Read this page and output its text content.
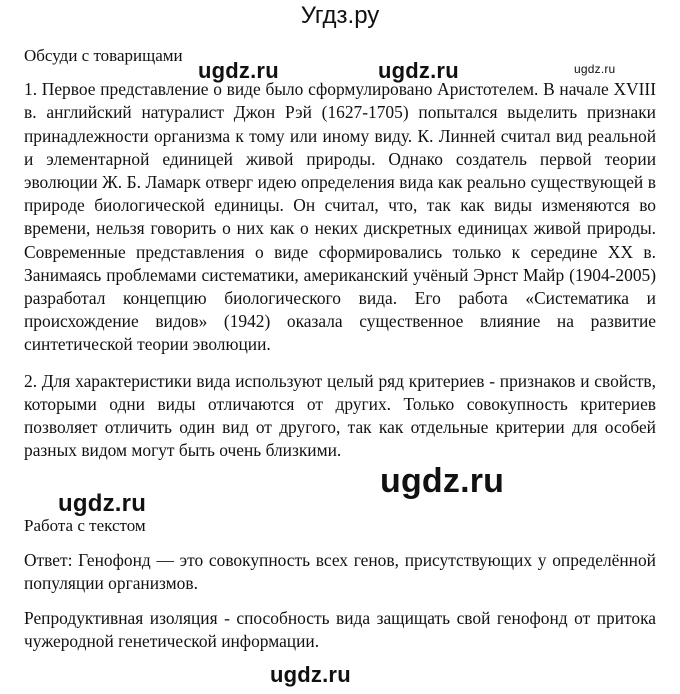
Угдз.ру

Обсуди с товарищами

1. Первое представление о виде было сформулировано Аристотелем. В начале XVIII в. английский натуралист Джон Рэй (1627-1705) попытался выделить признаки принадлежности организма к тому или иному виду. К. Линней считал вид реальной и элементарной единицей живой природы. Однако создатель первой теории эволюции Ж. Б. Ламарк отверг идею определения вида как реально существующей в природе биологической единицы. Он считал, что, так как виды изменяются во времени, нельзя говорить о них как о неких дискретных единицах живой природы. Современные представления о виде сформировались только к середине XX в. Занимаясь проблемами систематики, американский учёный Эрнст Майр (1904-2005) разработал концепцию биологического вида. Его работа «Систематика и происхождение видов» (1942) оказала существенное влияние на развитие синтетической теории эволюции.

2. Для характеристики вида используют целый ряд критериев - признаков и свойств, которыми одни виды отличаются от других. Только совокупность критериев позволяет отличить один вид от другого, так как отдельные критерии для особей разных видом могут быть очень близкими.

Работа с текстом

Ответ: Генофонд — это совокупность всех генов, присутствующих у определённой популяции организмов.

Репродуктивная изоляция - способность вида защищать свой генофонд от притока чужеродной генетической информации.

ugdz.ru	ugdz.ru	ugdz.ru
ugdz.ru
ugdz.ru
ugdz.ru
